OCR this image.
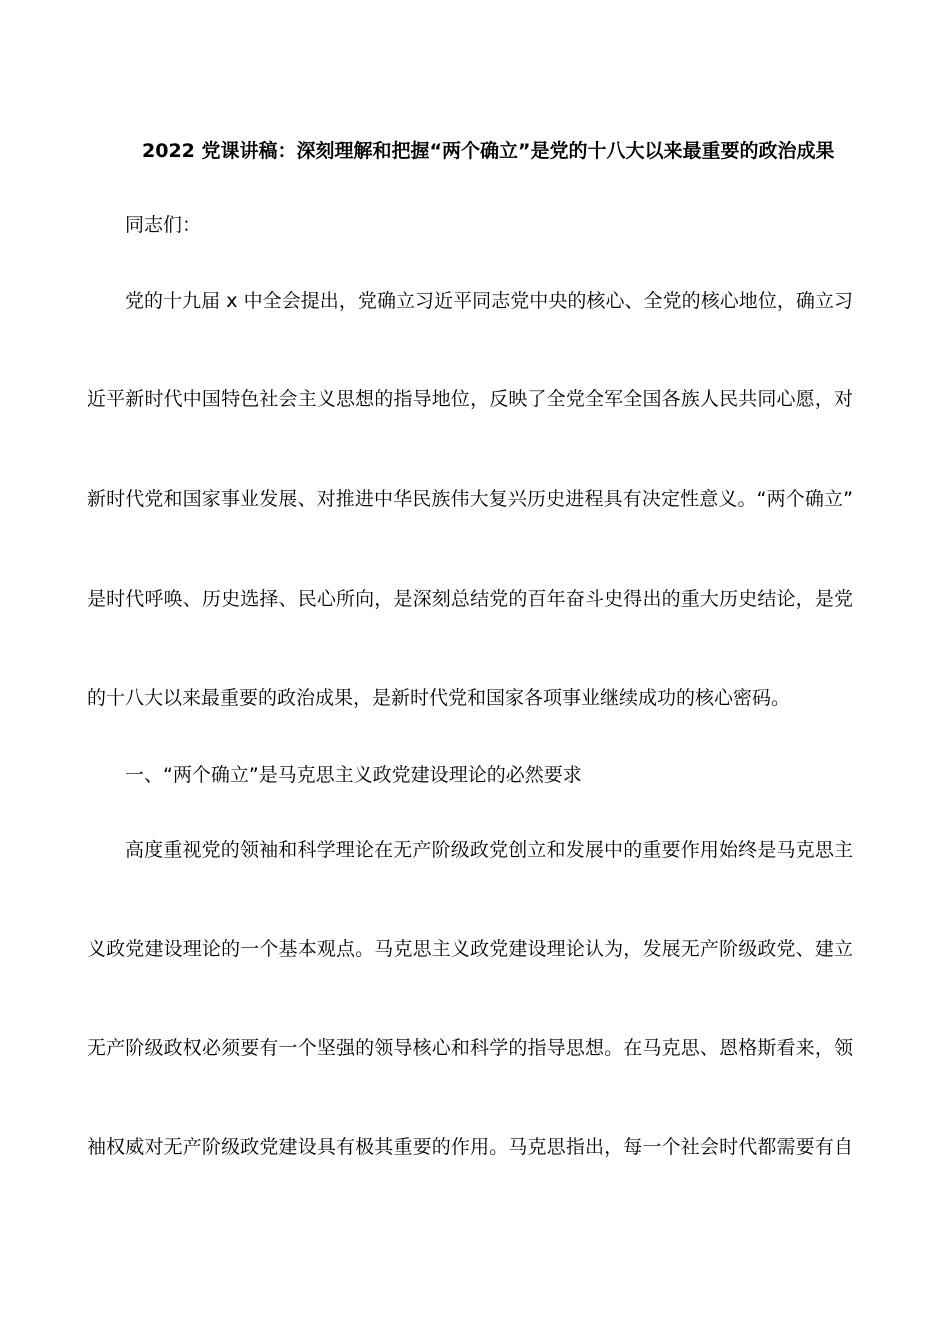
2022 党课讲稿：深刻理解和把握“两个确立”是党的十八大以来最重要的政治成果
同志们：
党的十九届 x 中全会提出，党确立习近平同志党中央的核心、全党的核心地位，确立习
近平新时代中国特色社会主义思想的指导地位，反映了全党全军全国各族人民共同心愿，对
新时代党和国家事业发展、对推进中华民族伟大复兴历史进程具有决定性意义。“两个确立”
是时代呼唤、历史选择、民心所向，是深刻总结党的百年奋斗史得出的重大历史结论，是党
的十八大以来最重要的政治成果，是新时代党和国家各项事业继续成功的核心密码。
一、“两个确立”是马克思主义政党建设理论的必然要求
高度重视党的领袖和科学理论在无产阶级政党创立和发展中的重要作用始终是马克思主
义政党建设理论的一个基本观点。马克思主义政党建设理论认为，发展无产阶级政党、建立
无产阶级政权必须要有一个坚强的领导核心和科学的指导思想。在马克思、恩格斯看来，领
袖权威对无产阶级政党建设具有极其重要的作用。马克思指出，每一个社会时代都需要有自
